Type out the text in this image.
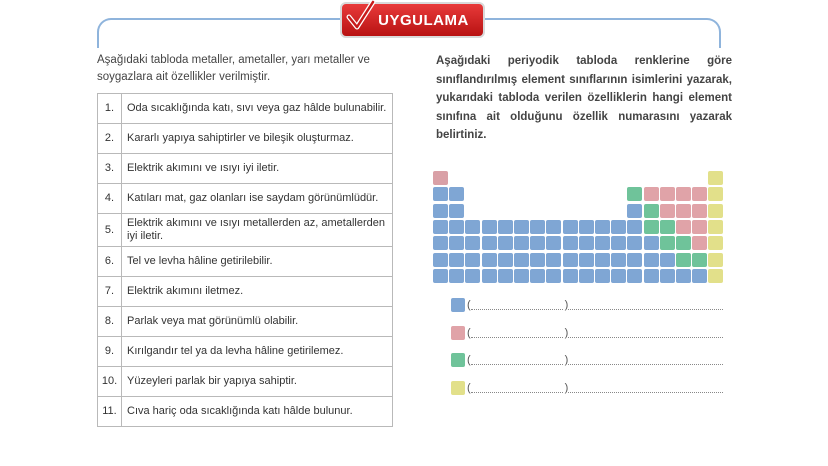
UYGULAMA
Aşağıdaki tabloda metaller, ametaller, yarı metaller ve soygazlara ait özellikler verilmiştir.
1.	Oda sıcaklığında katı, sıvı veya gaz hâlde bulunabilir.
2.	Kararlı yapıya sahiptirler ve bileşik oluşturmaz.
3.	Elektrik akımını ve ısıyı iyi iletir.
4.	Katıları mat, gaz olanları ise saydam görünümlüdür.
5.	Elektrik akımını ve ısıyı metallerden az, ametallerden iyi iletir.
6.	Tel ve levha hâline getirilebilir.
7.	Elektrik akımını iletmez.
8.	Parlak veya mat görünümlü olabilir.
9.	Kırılgandır tel ya da levha hâline getirilemez.
10.	Yüzeyleri parlak bir yapıya sahiptir.
11.	Cıva hariç oda sıcaklığında katı hâlde bulunur.
Aşağıdaki periyodik tabloda renklerine göre sınıflandırılmış element sınıflarının isimlerini yazarak, yukarıdaki tabloda verilen özelliklerin hangi element sınıfına ait olduğunu özellik numarasını yazarak belirtiniz.
(	)
(	)
(	)
(	)
